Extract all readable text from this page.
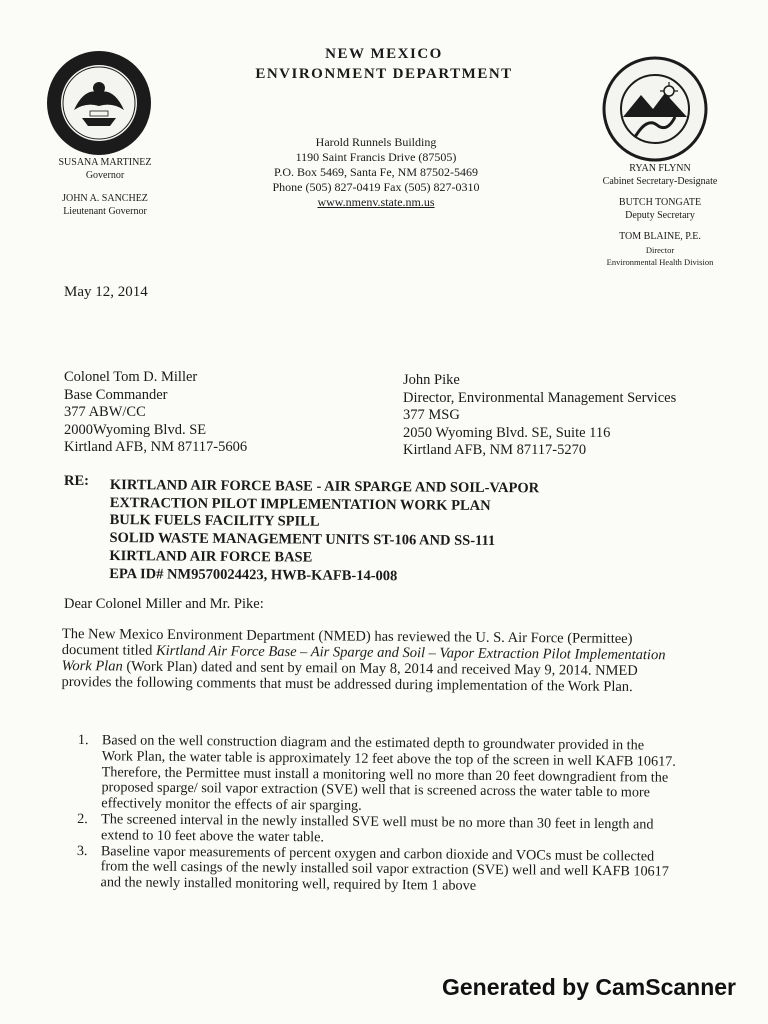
NEW MEXICO
ENVIRONMENT DEPARTMENT
Harold Runnels Building
1190 Saint Francis Drive (87505)
P.O. Box 5469, Santa Fe, NM 87502-5469
Phone (505) 827-0419 Fax (505) 827-0310
www.nmenv.state.nm.us
SUSANA MARTINEZ
Governor
JOHN A. SANCHEZ
Lieutenant Governor
RYAN FLYNN
Cabinet Secretary-Designate
BUTCH TONGATE
Deputy Secretary
TOM BLAINE, P.E.
Director
Environmental Health Division
May 12, 2014
Colonel Tom D. Miller
Base Commander
377 ABW/CC
2000Wyoming Blvd. SE
Kirtland AFB, NM 87117-5606
John Pike
Director, Environmental Management Services
377 MSG
2050 Wyoming Blvd. SE, Suite 116
Kirtland AFB, NM 87117-5270
RE: KIRTLAND AIR FORCE BASE - AIR SPARGE AND SOIL-VAPOR
EXTRACTION PILOT IMPLEMENTATION WORK PLAN
BULK FUELS FACILITY SPILL
SOLID WASTE MANAGEMENT UNITS ST-106 AND SS-111
KIRTLAND AIR FORCE BASE
EPA ID# NM9570024423, HWB-KAFB-14-008
Dear Colonel Miller and Mr. Pike:
The New Mexico Environment Department (NMED) has reviewed the U. S. Air Force (Permittee) document titled Kirtland Air Force Base – Air Sparge and Soil – Vapor Extraction Pilot Implementation Work Plan (Work Plan) dated and sent by email on May 8, 2014 and received May 9, 2014. NMED provides the following comments that must be addressed during implementation of the Work Plan.
1. Based on the well construction diagram and the estimated depth to groundwater provided in the Work Plan, the water table is approximately 12 feet above the top of the screen in well KAFB 10617. Therefore, the Permittee must install a monitoring well no more than 20 feet downgradient from the proposed sparge/ soil vapor extraction (SVE) well that is screened across the water table to more effectively monitor the effects of air sparging.
2. The screened interval in the newly installed SVE well must be no more than 30 feet in length and extend to 10 feet above the water table.
3. Baseline vapor measurements of percent oxygen and carbon dioxide and VOCs must be collected from the well casings of the newly installed soil vapor extraction (SVE) well and well KAFB 10617 and the newly installed monitoring well, required by Item 1 above
Generated by CamScanner
